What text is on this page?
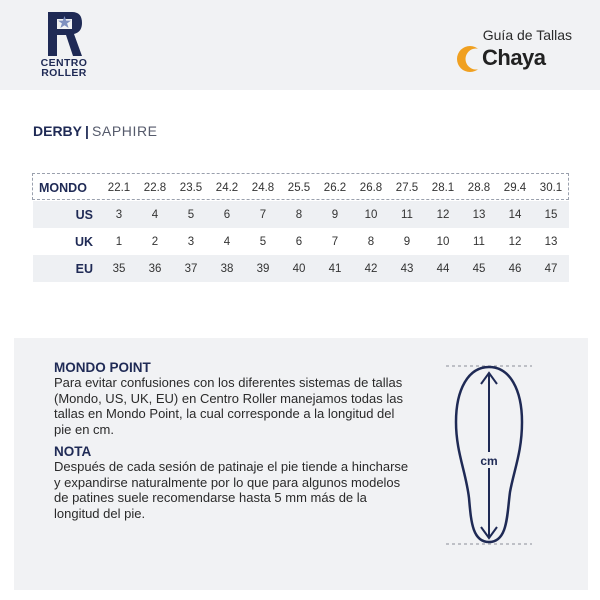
CENTRO
ROLLER
Guía de Tallas
Chaya
DERBY | SAPHIRE
MONDO	22.1	22.8	23.5	24.2	24.8	25.5	26.2	26.8	27.5	28.1	28.8	29.4	30.1
US	3	4	5	6	7	8	9	10	11	12	13	14	15
UK	1	2	3	4	5	6	7	8	9	10	11	12	13
EU	35	36	37	38	39	40	41	42	43	44	45	46	47
MONDO POINT

Para evitar confusiones con los diferentes sistemas de tallas (Mondo, US, UK, EU) en Centro Roller manejamos todas las tallas en Mondo Point, la cual corresponde a la longitud del pie en cm.

NOTA

Después de cada sesión de patinaje el pie tiende a hincharse y expandirse naturalmente por lo que para algunos modelos de patines suele recomendarse hasta 5 mm más de la longitud del pie.

cm
